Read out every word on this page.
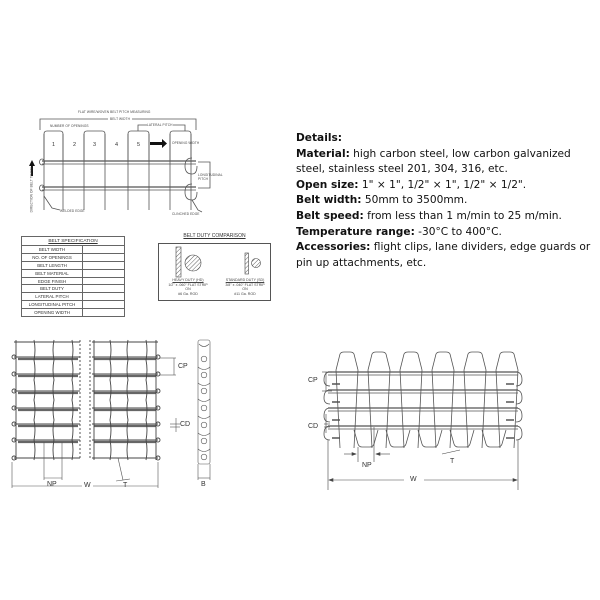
Details:
Material: high carbon steel, low carbon galvanized steel, stainless steel 201, 304, 316, etc.
Open size: 1" × 1", 1/2" × 1", 1/2" × 1/2".
Belt width: 50mm to 3500mm.
Belt speed: from less than 1 m/min to 25 m/min.
Temperature range: -30°C to 400°C.
Accessories: flight clips, lane dividers, edge guards or pin up attachments, etc.
FLAT WIRE/WOVEN BELT PITCH MEASURING
BELT WIDTH
NUMBER OF OPENINGS	LATERAL PITCH
OPENING WIDTH
LONGITUDINAL PITCH
DIRECTION OF BELT TRAVEL	WELDED EDGE
CLINCHED EDGE
1	2	3	4	5
BELT SPECIFICATION	
BELT WIDTH	
NO. OF OPENINGS	
BELT LENGTH	
BELT MATERIAL	
EDGE FINISH	
BELT DUTY	
LATERAL PITCH	
LONGITUDINAL PITCH	
OPENING WIDTH	
BELT DUTY COMPARISON
HEAVY DUTY (HD)
1/2" x .060" FLAT STRIP
ON
#6 Ga. ROD
STANDARD DUTY (SD)
3/8" x .040" FLAT STRIP
ON
#11 Ga. ROD
CP
CD
NP	W	T	B
CP
CD
NP
T
W
